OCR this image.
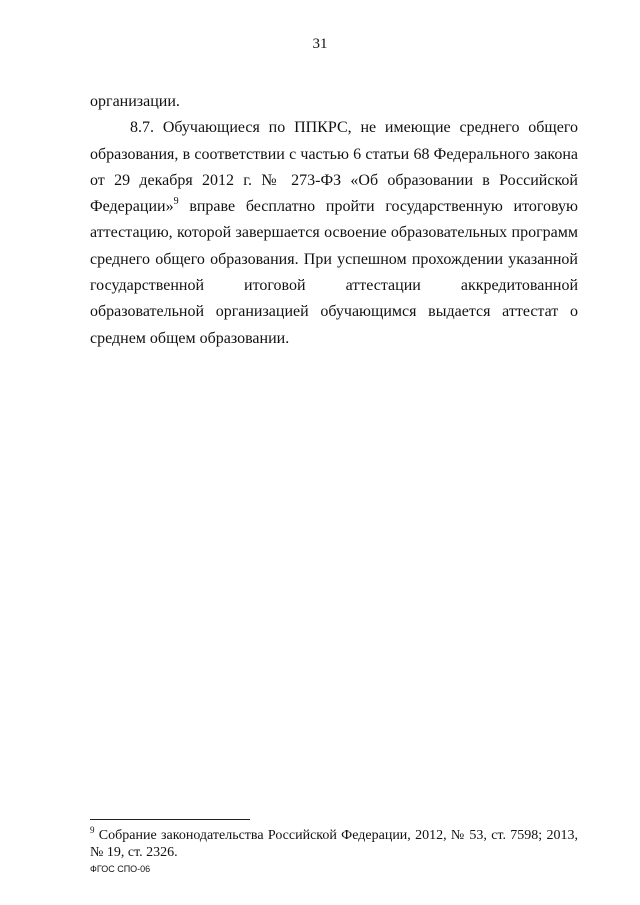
31

организации.

8.7. Обучающиеся по ППКРС, не имеющие среднего общего образования, в соответствии с частью 6 статьи 68 Федерального закона от 29 декабря 2012 г. № 273-ФЗ «Об образовании в Российской Федерации»$^9$ вправе бесплатно пройти государственную итоговую аттестацию, которой завершается освоение образовательных программ среднего общего образования. При успешном прохождении указанной государственной итоговой аттестации аккредитованной образовательной организацией обучающимся выдается аттестат о среднем общем образовании.

$^9$ Собрание законодательства Российской Федерации, 2012, № 53, ст. 7598; 2013, № 19, ст. 2326.
ФГОС СПО-06
